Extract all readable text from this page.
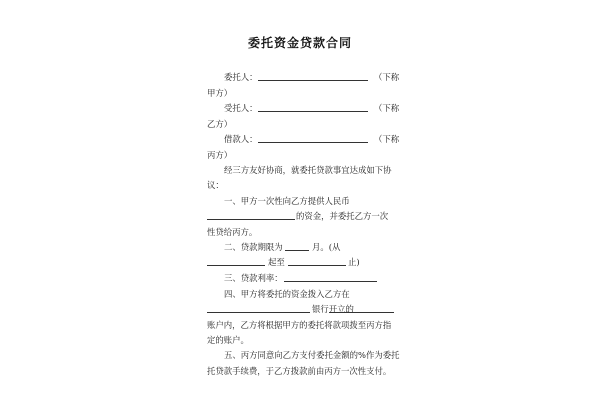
委托资金贷款合同
委托人：	（下称
甲方）
受托人：	（下称
乙方）
借款人：	（下称
丙方）
经三方友好协商，就委托贷款事宜达成如下协
议：
一、甲方一次性向乙方提供人民币
的资金，并委托乙方一次
性贷给丙方。
二、贷款期限为	月。(从
起至	止)
三、贷款利率：
四、甲方将委托的资金拨入乙方在
银行开立的
账户内，乙方将根据甲方的委托将款项拨至丙方指
定的账户。
五、丙方同意向乙方支付委托金额的%作为委托
托贷款手续费，于乙方拨款前由丙方一次性支付。
